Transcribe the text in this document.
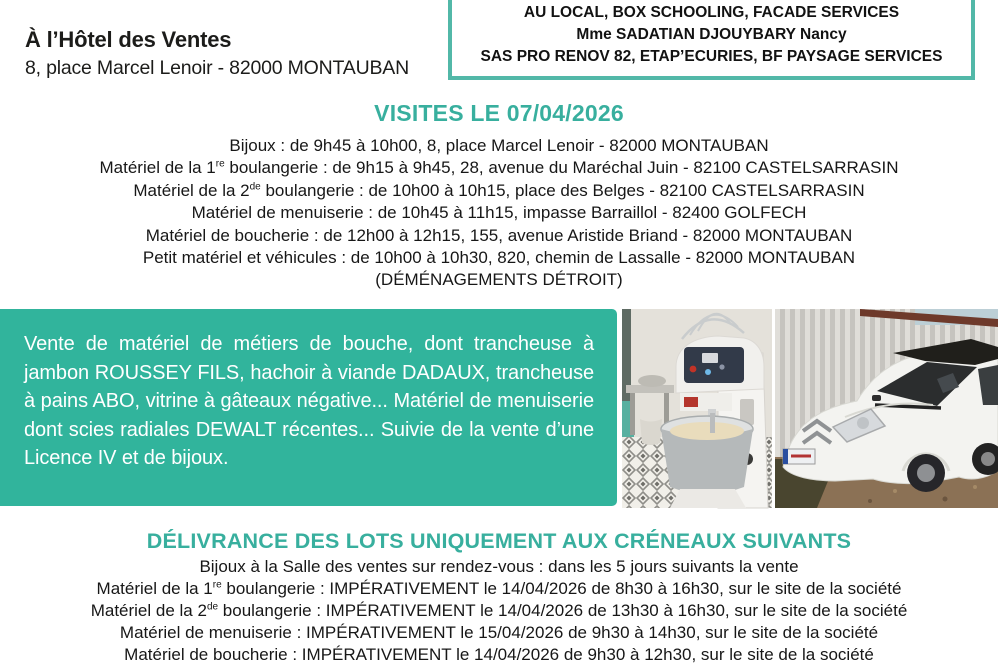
À l’Hôtel des Ventes
8, place Marcel Lenoir - 82000 MONTAUBAN
AU LOCAL, BOX SCHOOLING, FACADE SERVICES
Mme SADATIAN DJOUYBARY Nancy
SAS PRO RENOV 82, ETAP’ECURIES, BF PAYSAGE SERVICES
VISITES LE 07/04/2026
Bijoux : de 9h45 à 10h00, 8, place Marcel Lenoir - 82000 MONTAUBAN
Matériel de la 1re boulangerie : de 9h15 à 9h45, 28, avenue du Maréchal Juin - 82100 CASTELSARRASIN
Matériel de la 2de boulangerie : de 10h00 à 10h15, place des Belges - 82100 CASTELSARRASIN
Matériel de menuiserie : de 10h45 à 11h15, impasse Barraillol - 82400 GOLFECH
Matériel de boucherie : de 12h00 à 12h15, 155, avenue Aristide Briand - 82000 MONTAUBAN
Petit matériel et véhicules : de 10h00 à 10h30, 820, chemin de Lassalle - 82000 MONTAUBAN
(DÉMÉNAGEMENTS DÉTROIT)
Vente de matériel de métiers de bouche, dont trancheuse à jambon ROUSSEY FILS, hachoir à viande DADAUX, trancheuse à pains ABO, vitrine à gâteaux négative... Matériel de menuiserie dont scies radiales DEWALT récentes... Suivie de la vente d’une Licence IV et de bijoux.
DÉLIVRANCE DES LOTS UNIQUEMENT AUX CRÉNEAUX SUIVANTS
Bijoux à la Salle des ventes sur rendez-vous : dans les 5 jours suivants la vente
Matériel de la 1re boulangerie : IMPÉRATIVEMENT le 14/04/2026 de 8h30 à 16h30, sur le site de la société
Matériel de la 2de boulangerie : IMPÉRATIVEMENT le 14/04/2026 de 13h30 à 16h30, sur le site de la société
Matériel de menuiserie : IMPÉRATIVEMENT le 15/04/2026 de 9h30 à 14h30, sur le site de la société
Matériel de boucherie : IMPÉRATIVEMENT le 14/04/2026 de 9h30 à 12h30, sur le site de la société
